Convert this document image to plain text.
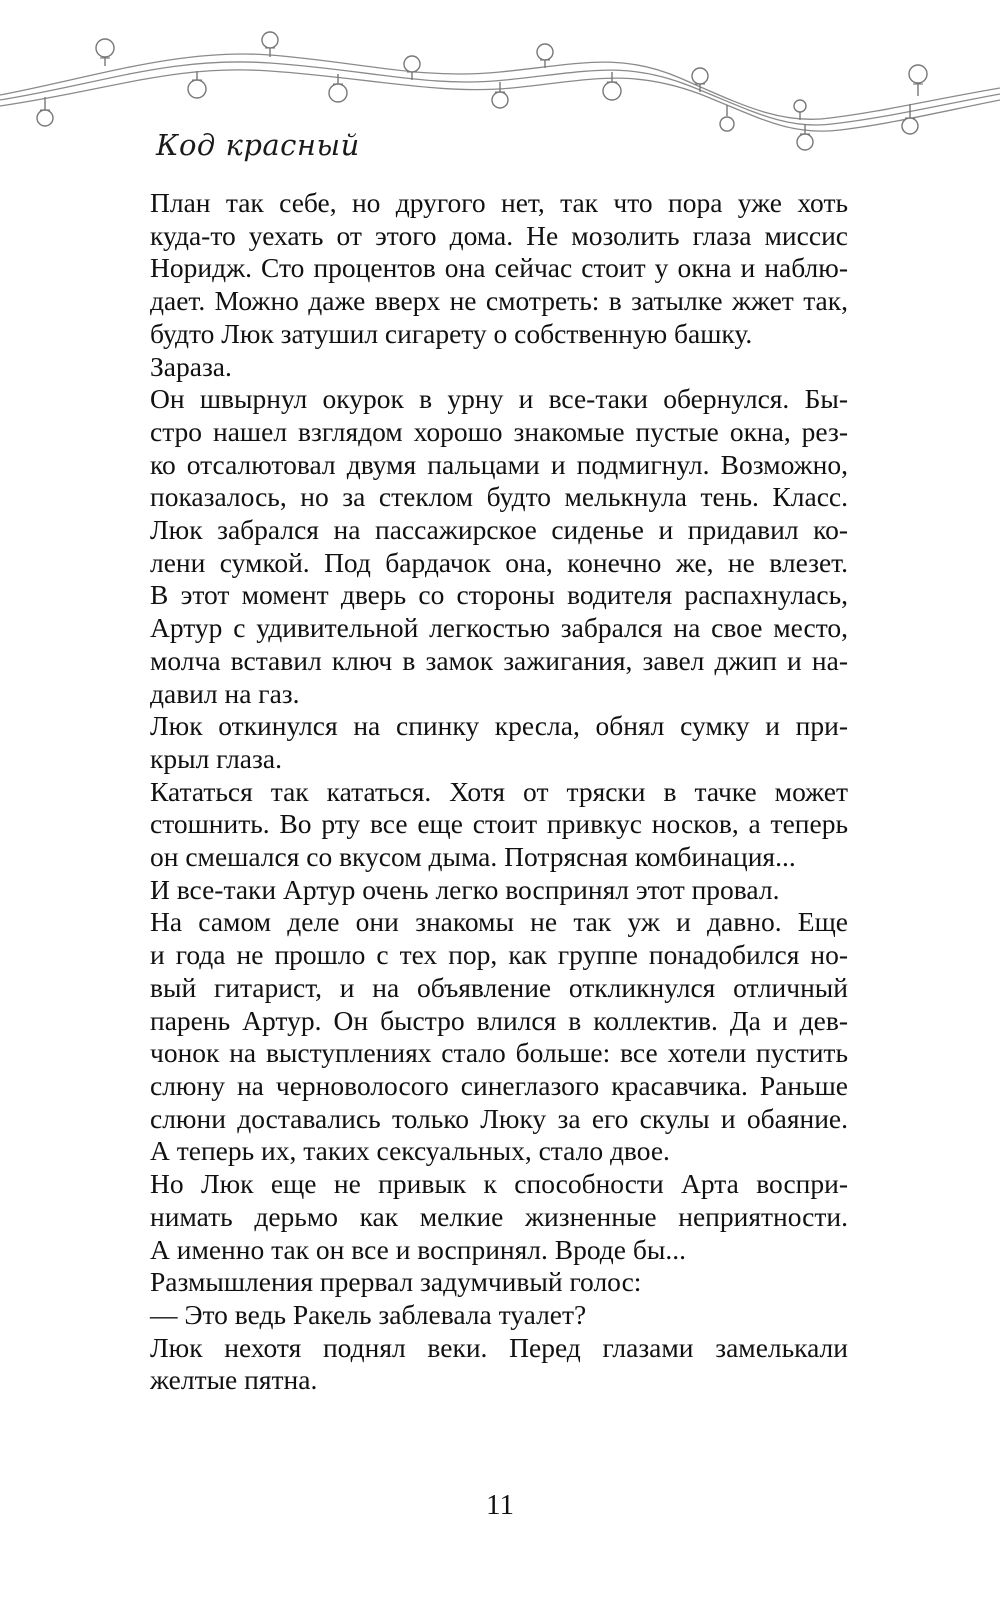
Код красный

План так себе, но другого нет, так что пора уже хоть
куда-то уехать от этого дома. Не мозолить глаза миссис
Норидж. Сто процентов она сейчас стоит у окна и наблю-
дает. Можно даже вверх не смотреть: в затылке жжет так,
будто Люк затушил сигарету о собственную башку.

Зараза.

Он швырнул окурок в урну и все-таки обернулся. Бы-
стро нашел взглядом хорошо знакомые пустые окна, рез-
ко отсалютовал двумя пальцами и подмигнул. Возможно,
показалось, но за стеклом будто мелькнула тень. Класс.
Люк забрался на пассажирское сиденье и придавил ко-
лени сумкой. Под бардачок она, конечно же, не влезет.
В этот момент дверь со стороны водителя распахнулась,
Артур с удивительной легкостью забрался на свое место,
молча вставил ключ в замок зажигания, завел джип и на-
давил на газ.

Люк откинулся на спинку кресла, обнял сумку и при-
крыл глаза.

Кататься так кататься. Хотя от тряски в тачке может
стошнить. Во рту все еще стоит привкус носков, а теперь
он смешался со вкусом дыма. Потрясная комбинация...

И все-таки Артур очень легко воспринял этот провал.

На самом деле они знакомы не так уж и давно. Еще
и года не прошло с тех пор, как группе понадобился но-
вый гитарист, и на объявление откликнулся отличный
парень Артур. Он быстро влился в коллектив. Да и дев-
чонок на выступлениях стало больше: все хотели пустить
слюну на черноволосого синеглазого красавчика. Раньше
слюни доставались только Люку за его скулы и обаяние.
А теперь их, таких сексуальных, стало двое.

Но Люк еще не привык к способности Арта воспри-
нимать дерьмо как мелкие жизненные неприятности.
А именно так он все и воспринял. Вроде бы...

Размышления прервал задумчивый голос:

— Это ведь Ракель заблевала туалет?

Люк нехотя поднял веки. Перед глазами замелькали
желтые пятна.

11
